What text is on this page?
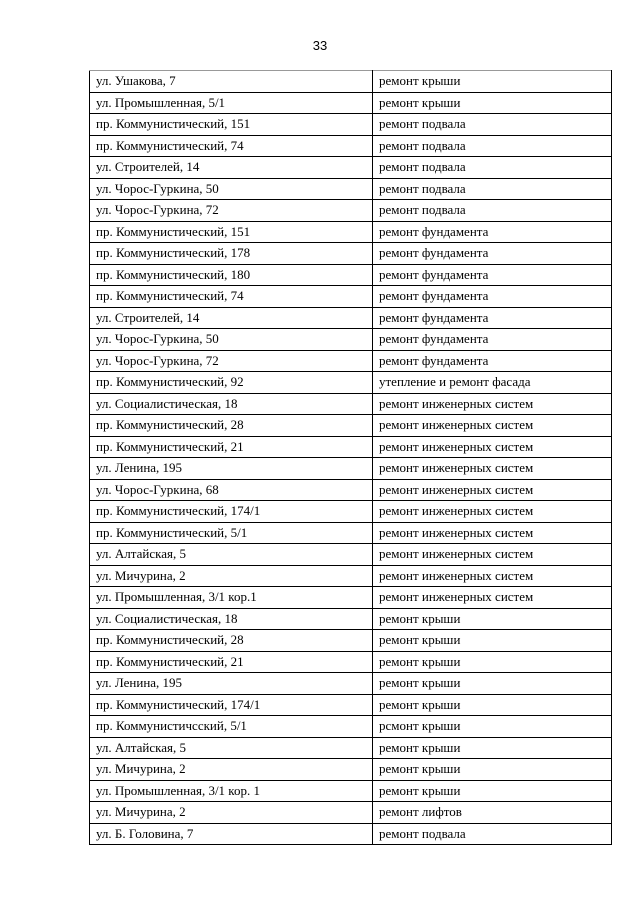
33
ул. Ушакова, 7	ремонт крыши
ул. Промышленная, 5/1	ремонт крыши
пр. Коммунистический, 151	ремонт подвала
пр. Коммунистический, 74	ремонт подвала
ул. Строителей, 14	ремонт подвала
ул. Чорос-Гуркина, 50	ремонт подвала
ул. Чорос-Гуркина, 72	ремонт подвала
пр. Коммунистический, 151	ремонт фундамента
пр. Коммунистический, 178	ремонт фундамента
пр. Коммунистический, 180	ремонт фундамента
пр. Коммунистический, 74	ремонт фундамента
ул. Строителей, 14	ремонт фундамента
ул. Чорос-Гуркина, 50	ремонт фундамента
ул. Чорос-Гуркина, 72	ремонт фундамента
пр. Коммунистический, 92	утепление и ремонт фасада
ул. Социалистическая, 18	ремонт инженерных систем
пр. Коммунистический, 28	ремонт инженерных систем
пр. Коммунистический, 21	ремонт инженерных систем
ул. Ленина, 195	ремонт инженерных систем
ул. Чорос-Гуркина, 68	ремонт инженерных систем
пр. Коммунистический, 174/1	ремонт инженерных систем
пр. Коммунистический, 5/1	ремонт инженерных систем
ул. Алтайская, 5	ремонт инженерных систем
ул. Мичурина, 2	ремонт инженерных систем
ул. Промышленная, 3/1 кор.1	ремонт инженерных систем
ул. Социалистическая, 18	ремонт крыши
пр. Коммунистический, 28	ремонт крыши
пр. Коммунистический, 21	ремонт крыши
ул. Ленина, 195	ремонт крыши
пр. Коммунистический, 174/1	ремонт крыши
пр. Коммунистичсский, 5/1	рсмонт крыши
ул. Алтайская, 5	ремонт крыши
ул. Мичурина, 2	ремонт крыши
ул. Промышленная, 3/1 кор. 1	ремонт крыши
ул. Мичурина, 2	ремонт лифтов
ул. Б. Головина, 7	ремонт подвала
